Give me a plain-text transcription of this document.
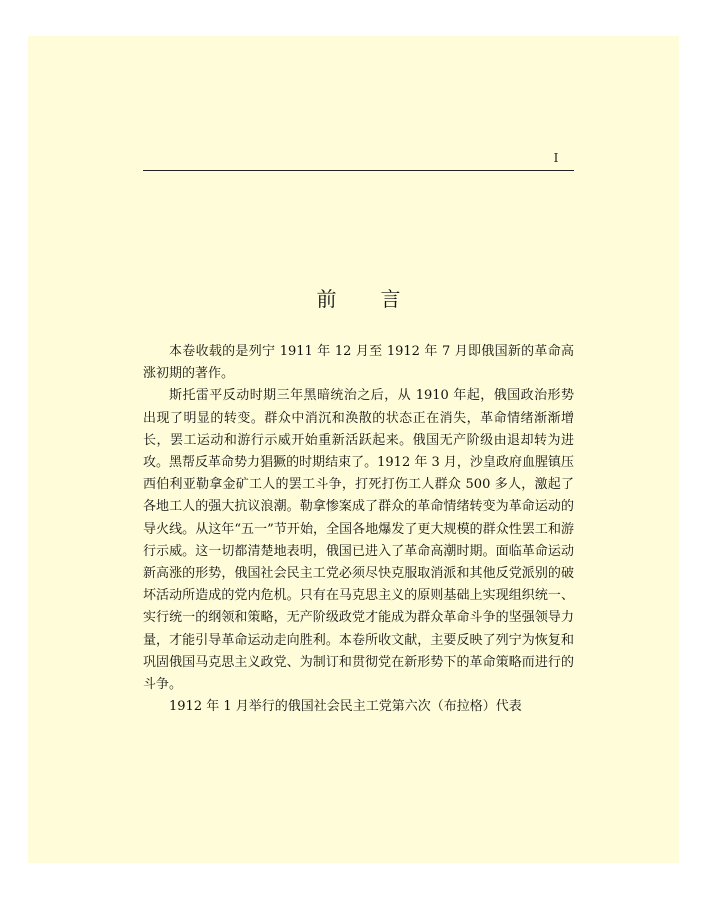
I
前言

本卷收载的是列宁 1911 年 12 月至 1912 年 7 月即俄国新的革命高涨初期的著作。

斯托雷平反动时期三年黑暗统治之后，从 1910 年起，俄国政治形势出现了明显的转变。群众中消沉和涣散的状态正在消失，革命情绪渐渐增长，罢工运动和游行示威开始重新活跃起来。俄国无产阶级由退却转为进攻。黑帮反革命势力猖獗的时期结束了。1912 年 3 月，沙皇政府血腥镇压西伯利亚勒拿金矿工人的罢工斗争，打死打伤工人群众 500 多人，激起了各地工人的强大抗议浪潮。勒拿惨案成了群众的革命情绪转变为革命运动的导火线。从这年“五一”节开始，全国各地爆发了更大规模的群众性罢工和游行示威。这一切都清楚地表明，俄国已进入了革命高潮时期。面临革命运动新高涨的形势，俄国社会民主工党必须尽快克服取消派和其他反党派别的破坏活动所造成的党内危机。只有在马克思主义的原则基础上实现组织统一、实行统一的纲领和策略，无产阶级政党才能成为群众革命斗争的坚强领导力量，才能引导革命运动走向胜利。本卷所收文献，主要反映了列宁为恢复和巩固俄国马克思主义政党、为制订和贯彻党在新形势下的革命策略而进行的斗争。

1912 年 1 月举行的俄国社会民主工党第六次（布拉格）代表
